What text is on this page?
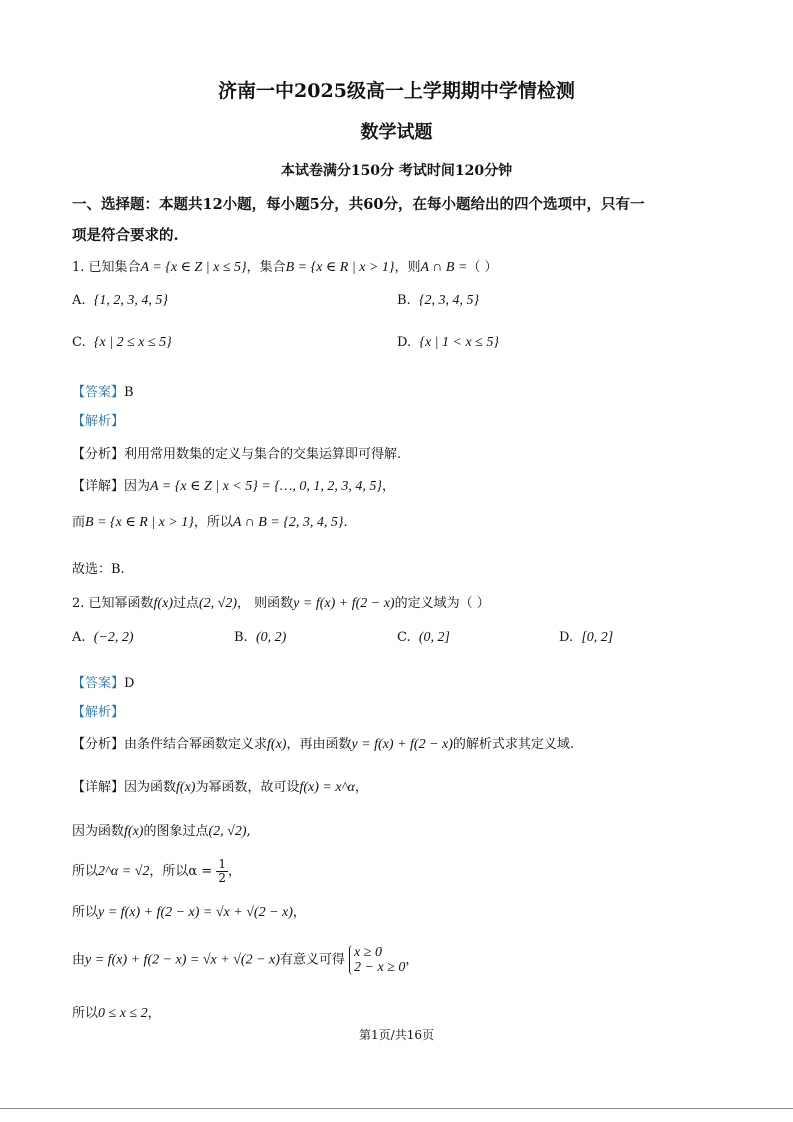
济南一中2025级高一上学期期中学情检测
数学试题
本试卷满分150分 考试时间120分钟
一、选择题：本题共12小题，每小题5分，共60分，在每小题给出的四个选项中，只有一
项是符合要求的.
1. 已知集合A = {x ∈ Z | x ≤ 5}，集合B = {x ∈ R | x > 1}，则A ∩ B =（ ）
A. {1, 2, 3, 4, 5}	B. {2, 3, 4, 5}
C. {x | 2 ≤ x ≤ 5}	D. {x | 1 < x ≤ 5}
【答案】B
【解析】
【分析】利用常用数集的定义与集合的交集运算即可得解.
【详解】因为A = {x ∈ Z | x < 5} = {…, 0, 1, 2, 3, 4, 5}，
而B = {x ∈ R | x > 1}，所以A ∩ B = {2, 3, 4, 5}.
故选：B.
2. 已知幂函数f(x)过点(2, √2)， 则函数y = f(x) + f(2 − x)的定义域为（ ）
A. (−2, 2)	B. (0, 2)	C. (0, 2]	D. [0, 2]
【答案】D
【解析】
【分析】由条件结合幂函数定义求f(x)，再由函数y = f(x) + f(2 − x)的解析式求其定义域.
【详解】因为函数f(x)为幂函数，故可设f(x) = x^α，
因为函数f(x)的图象过点(2, √2),
所以2^α = √2，所以$\alpha = \frac{1}{2}$ ，
所以y = f(x) + f(2 − x) = √x + √(2 − x)，
由y = f(x) + f(2 − x) = √x + √(2 − x)有意义可得 x ≥ 0
2 − x ≥ 0 ，
所以0 ≤ x ≤ 2，
第1页/共16页
